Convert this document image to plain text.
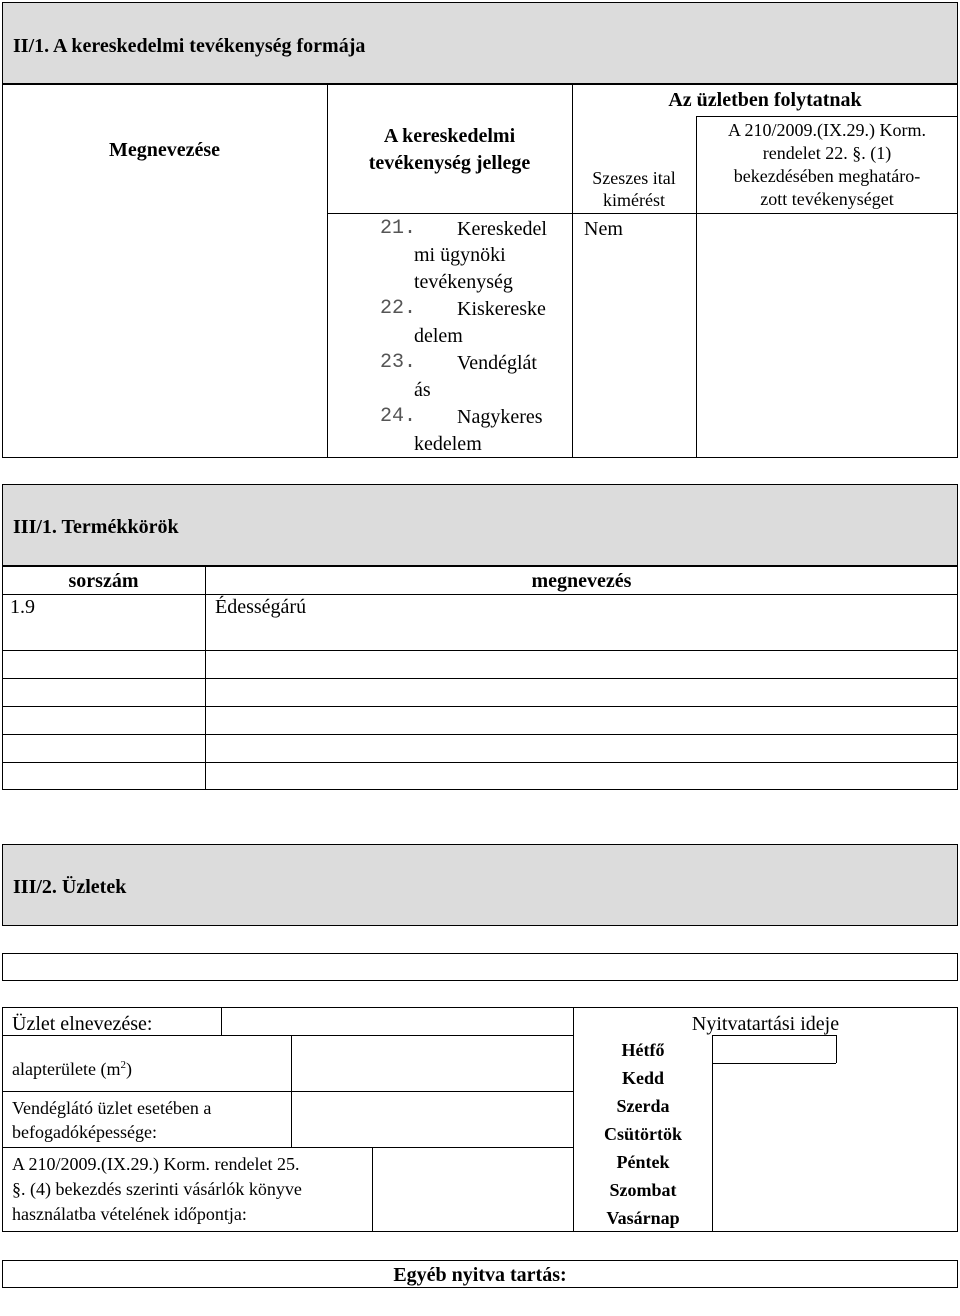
II/1. A kereskedelmi tevékenység formája
Megnevezése
A kereskedelmi
tevékenység jellege
Az üzletben folytatnak
Szeszes ital
kimérést
A 210/2009.(IX.29.) Korm.
rendelet 22. §. (1)
bekezdésében meghatáro-
zott tevékenységet
21. Kereskedel
mi ügynöki
tevékenység
22. Kiskereske
delem
23. Vendéglát
ás
24. Nagykeres
kedelem
Nem
III/1. Termékkörök
sorszám	megnevezés
1.9	Édességárú
III/2. Üzletek
Üzlet elnevezése:
alapterülete $(m^2)$
Vendéglátó üzlet esetében a
befogadóképessége:
A 210/2009.(IX.29.) Korm. rendelet 25.
§. (4) bekezdés szerinti vásárlók könyve
használatba vételének időpontja:
Nyitvatartási ideje
Hétfő
Kedd
Szerda
Csütörtök
Péntek
Szombat
Vasárnap
Egyéb nyitva tartás:
